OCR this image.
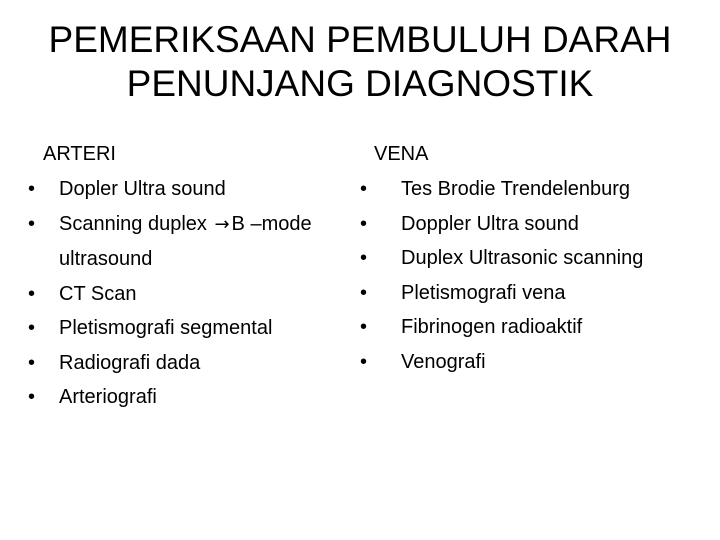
PEMERIKSAAN PEMBULUH DARAH
PENUNJANG DIAGNOSTIK
ARTERI	VENA
• Dopler Ultra sound
• Scanning duplex → B –mode
ultrasound
• CT Scan
• Pletismografi segmental
• Radiografi dada
• Arteriografi
• Tes Brodie Trendelenburg
• Doppler Ultra sound
• Duplex Ultrasonic scanning
• Pletismografi vena
• Fibrinogen radioaktif
• Venografi
